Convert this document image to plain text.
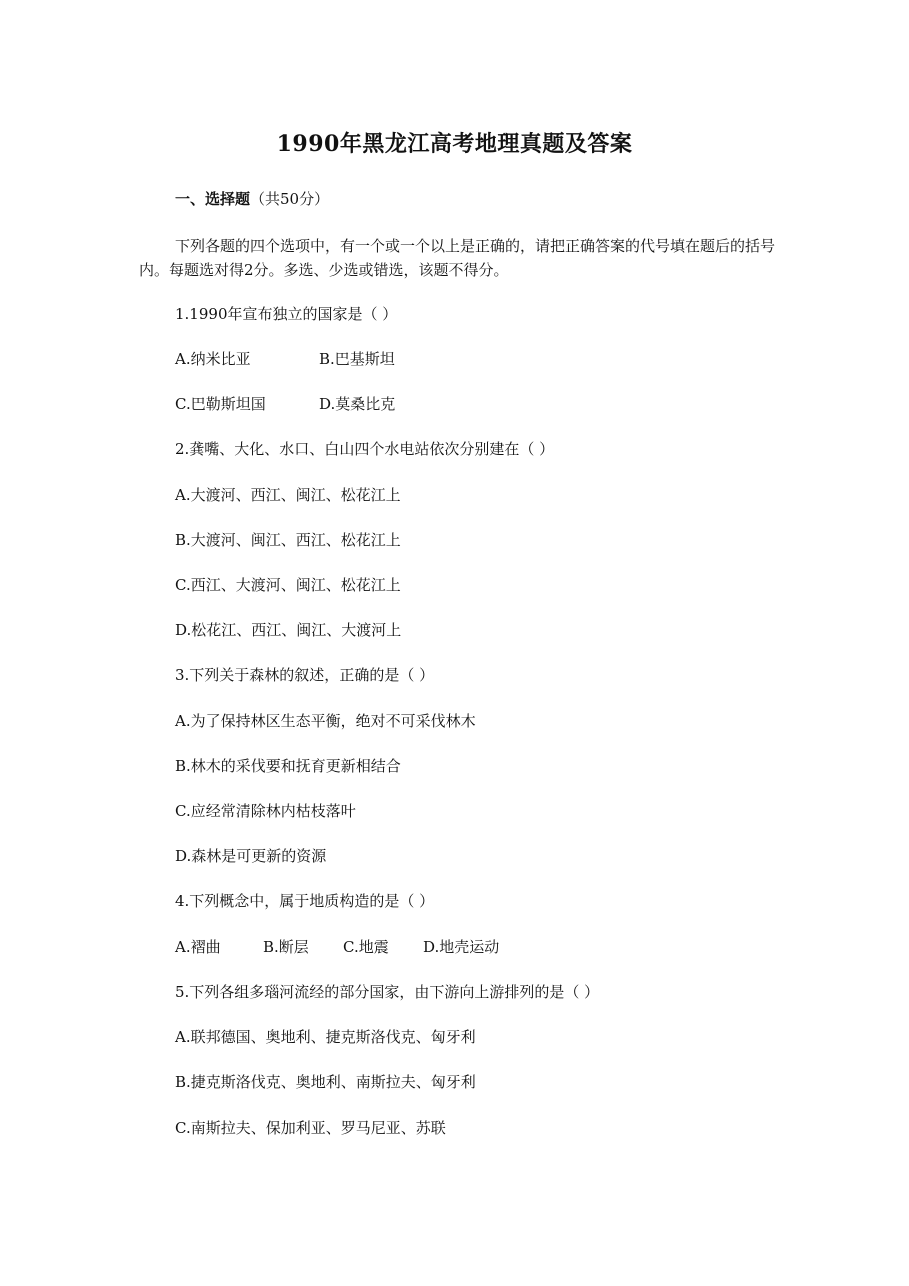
1990年黑龙江高考地理真题及答案
一、选择题（共50分）
下列各题的四个选项中，有一个或一个以上是正确的，请把正确答案的代号填在题后的括号内。每题选对得2分。多选、少选或错选，该题不得分。
1.1990年宣布独立的国家是（ ）
A.纳米比亚	B.巴基斯坦
C.巴勒斯坦国	D.莫桑比克
2.龚嘴、大化、水口、白山四个水电站依次分别建在（ ）
A.大渡河、西江、闽江、松花江上
B.大渡河、闽江、西江、松花江上
C.西江、大渡河、闽江、松花江上
D.松花江、西江、闽江、大渡河上
3.下列关于森林的叙述，正确的是（ ）
A.为了保持林区生态平衡，绝对不可采伐林木
B.林木的采伐要和抚育更新相结合
C.应经常清除林内枯枝落叶
D.森林是可更新的资源
4.下列概念中，属于地质构造的是（ ）
A.褶曲	B.断层 C.地震 D.地壳运动
5.下列各组多瑙河流经的部分国家，由下游向上游排列的是（ ）
A.联邦德国、奥地利、捷克斯洛伐克、匈牙利
B.捷克斯洛伐克、奥地利、南斯拉夫、匈牙利
C.南斯拉夫、保加利亚、罗马尼亚、苏联
